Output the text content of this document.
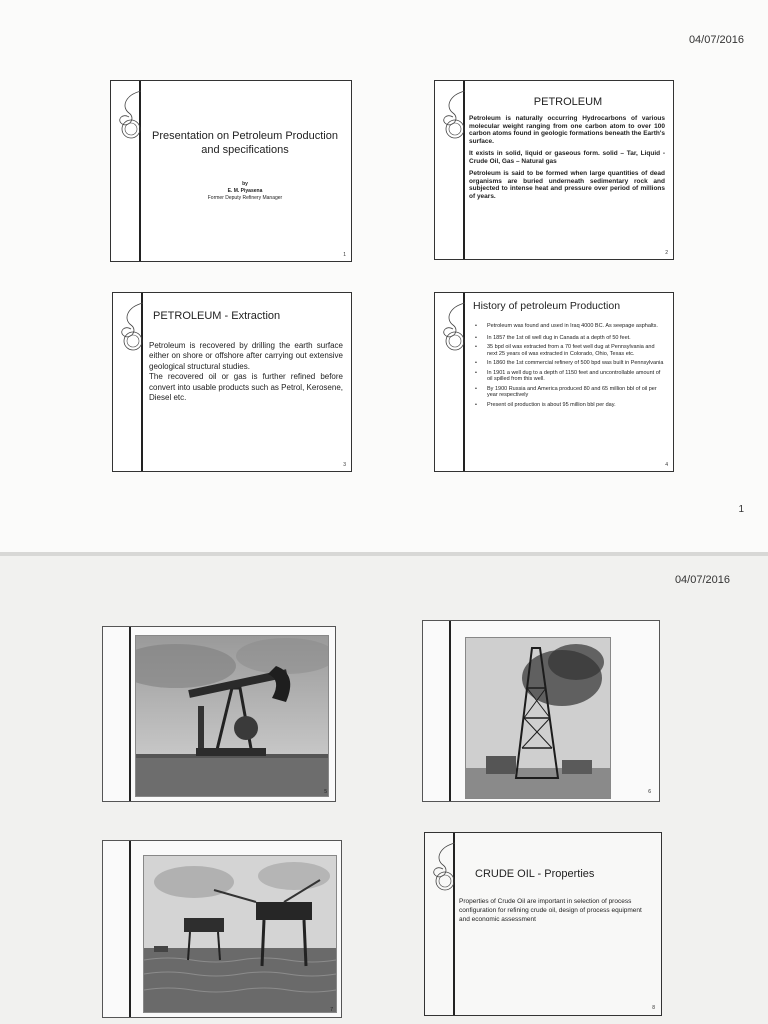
04/07/2016
Presentation on Petroleum Production and specifications
by
E. M. Piyasena
Former Deputy Refinery Manager
1
PETROLEUM

Petroleum is naturally occurring Hydrocarbons of various molecular weight ranging from one carbon atom to over 100 carbon atoms found in geologic formations beneath the Earth's surface.

It exists in solid, liquid or gaseous form. solid – Tar, Liquid - Crude Oil, Gas – Natural gas

Petroleum is said to be formed when large quantities of dead organisms are buried underneath sedimentary rock and subjected to intense heat and pressure over period of millions of years.

2
PETROLEUM - Extraction

Petroleum is recovered by drilling the earth surface either on shore or offshore after carrying out extensive geological structural studies.

The recovered oil or gas is further refined before convert into usable products such as Petrol, Kerosene, Diesel etc.

3
History of petroleum Production
• Petroleum was found and used in Iraq 4000 BC. As seepage asphalts.
• In 1857 the 1st oil well dug in Canada at a depth of 50 feet.
• 35 bpd oil was extracted from a 70 feet well dug at Pennsylvania and next 25 years oil was extracted in Colorado, Ohio, Texas etc.
• In 1860 the 1st commercial refinery of 500 bpd was built in Pennsylvania
• In 1901 a well dug to a depth of 1150 feet and uncontrollable amount of oil spilled from this well.
• By 1900 Russia and America produced 80 and 65 million bbl of oil per year respectively
• Present oil production is about 95 million bbl per day.
4
1
04/07/2016
5	6
7
CRUDE OIL - Properties
Properties of Crude Oil are important in selection of process configuration for refining crude oil, design of process equipment and economic assessment
8
